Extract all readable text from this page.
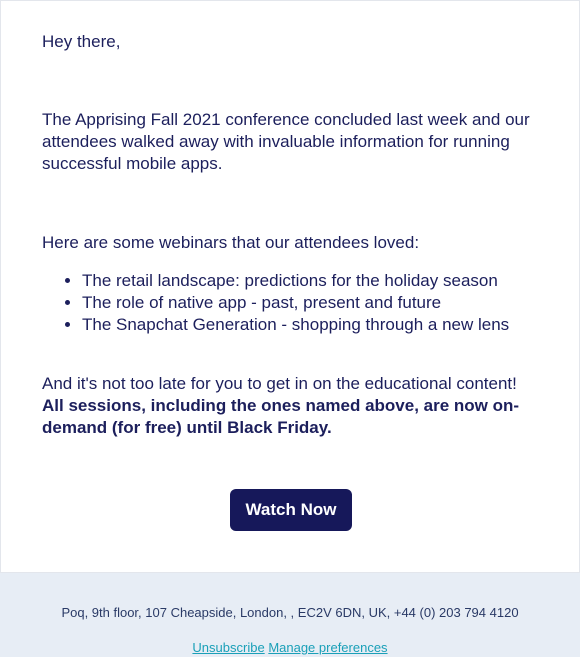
Hey there,
The Apprising Fall 2021 conference concluded last week and our attendees walked away with invaluable information for running successful mobile apps.
Here are some webinars that our attendees loved:
• The retail landscape: predictions for the holiday season
• The role of native app - past, present and future
• The Snapchat Generation - shopping through a new lens
And it's not too late for you to get in on the educational content! All sessions, including the ones named above, are now on-demand (for free) until Black Friday.
Watch Now
Poq, 9th floor, 107 Cheapside, London, , EC2V 6DN, UK, +44 (0) 203 794 4120
Unsubscribe Manage preferences
